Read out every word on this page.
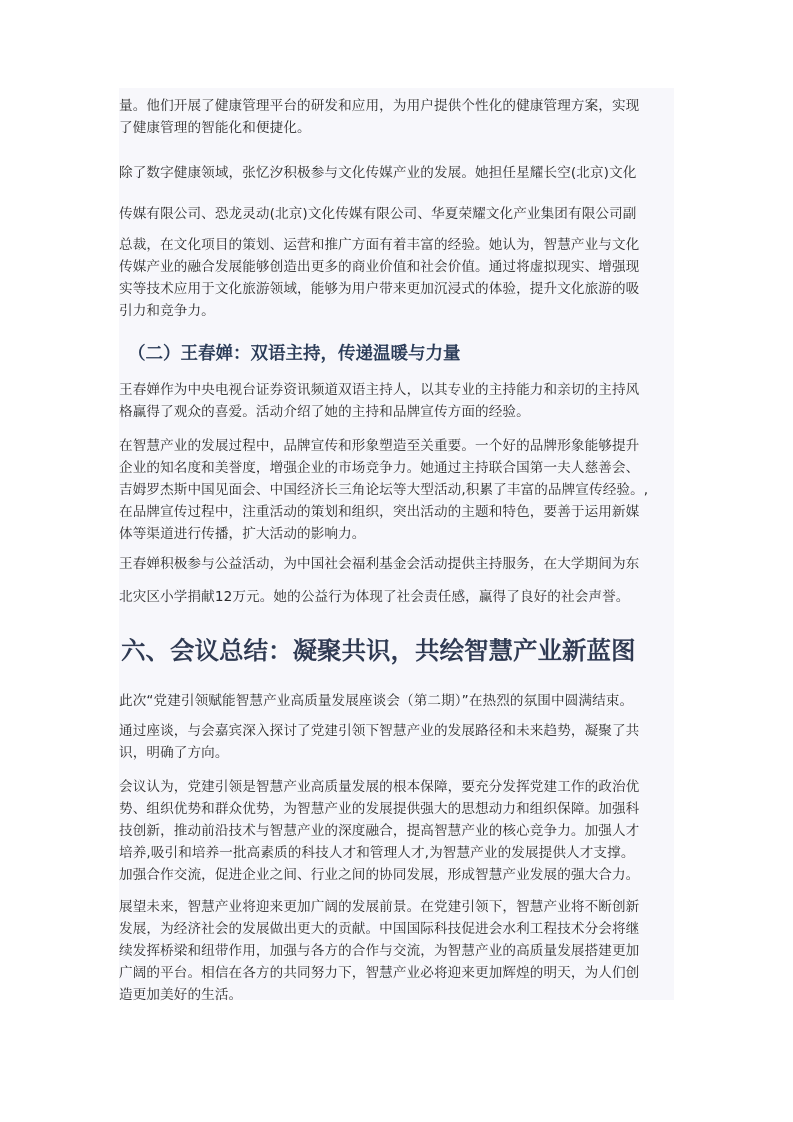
量。他们开展了健康管理平台的研发和应用，为用户提供个性化的健康管理方案，实现
了健康管理的智能化和便捷化。
除了数字健康领域，张忆汐积极参与文化传媒产业的发展。她担任星耀长空(北京)文化
传媒有限公司、恐龙灵动(北京)文化传媒有限公司、华夏荣耀文化产业集团有限公司副
总裁，在文化项目的策划、运营和推广方面有着丰富的经验。她认为，智慧产业与文化
传媒产业的融合发展能够创造出更多的商业价值和社会价值。通过将虚拟现实、增强现
实等技术应用于文化旅游领域，能够为用户带来更加沉浸式的体验，提升文化旅游的吸
引力和竞争力。
（二）王春婵：双语主持，传递温暖与力量
王春婵作为中央电视台证券资讯频道双语主持人，以其专业的主持能力和亲切的主持风
格赢得了观众的喜爱。活动介绍了她的主持和品牌宣传方面的经验。
在智慧产业的发展过程中，品牌宣传和形象塑造至关重要。一个好的品牌形象能够提升
企业的知名度和美誉度，增强企业的市场竞争力。她通过主持联合国第一夫人慈善会、
吉姆罗杰斯中国见面会、中国经济长三角论坛等大型活动,积累了丰富的品牌宣传经验。,
在品牌宣传过程中，注重活动的策划和组织，突出活动的主题和特色，要善于运用新媒
体等渠道进行传播，扩大活动的影响力。
王春婵积极参与公益活动，为中国社会福利基金会活动提供主持服务，在大学期间为东
北灾区小学捐献12万元。她的公益行为体现了社会责任感，赢得了良好的社会声誉。
六、会议总结：凝聚共识，共绘智慧产业新蓝图
此次“党建引领赋能智慧产业高质量发展座谈会（第二期）”在热烈的氛围中圆满结束。
通过座谈，与会嘉宾深入探讨了党建引领下智慧产业的发展路径和未来趋势，凝聚了共
识，明确了方向。
会议认为，党建引领是智慧产业高质量发展的根本保障，要充分发挥党建工作的政治优
势、组织优势和群众优势，为智慧产业的发展提供强大的思想动力和组织保障。加强科
技创新，推动前沿技术与智慧产业的深度融合，提高智慧产业的核心竞争力。加强人才
培养,吸引和培养一批高素质的科技人才和管理人才,为智慧产业的发展提供人才支撑。
加强合作交流，促进企业之间、行业之间的协同发展，形成智慧产业发展的强大合力。
展望未来，智慧产业将迎来更加广阔的发展前景。在党建引领下，智慧产业将不断创新
发展，为经济社会的发展做出更大的贡献。中国国际科技促进会水利工程技术分会将继
续发挥桥梁和纽带作用，加强与各方的合作与交流，为智慧产业的高质量发展搭建更加
广阔的平台。相信在各方的共同努力下，智慧产业必将迎来更加辉煌的明天，为人们创
造更加美好的生活。
